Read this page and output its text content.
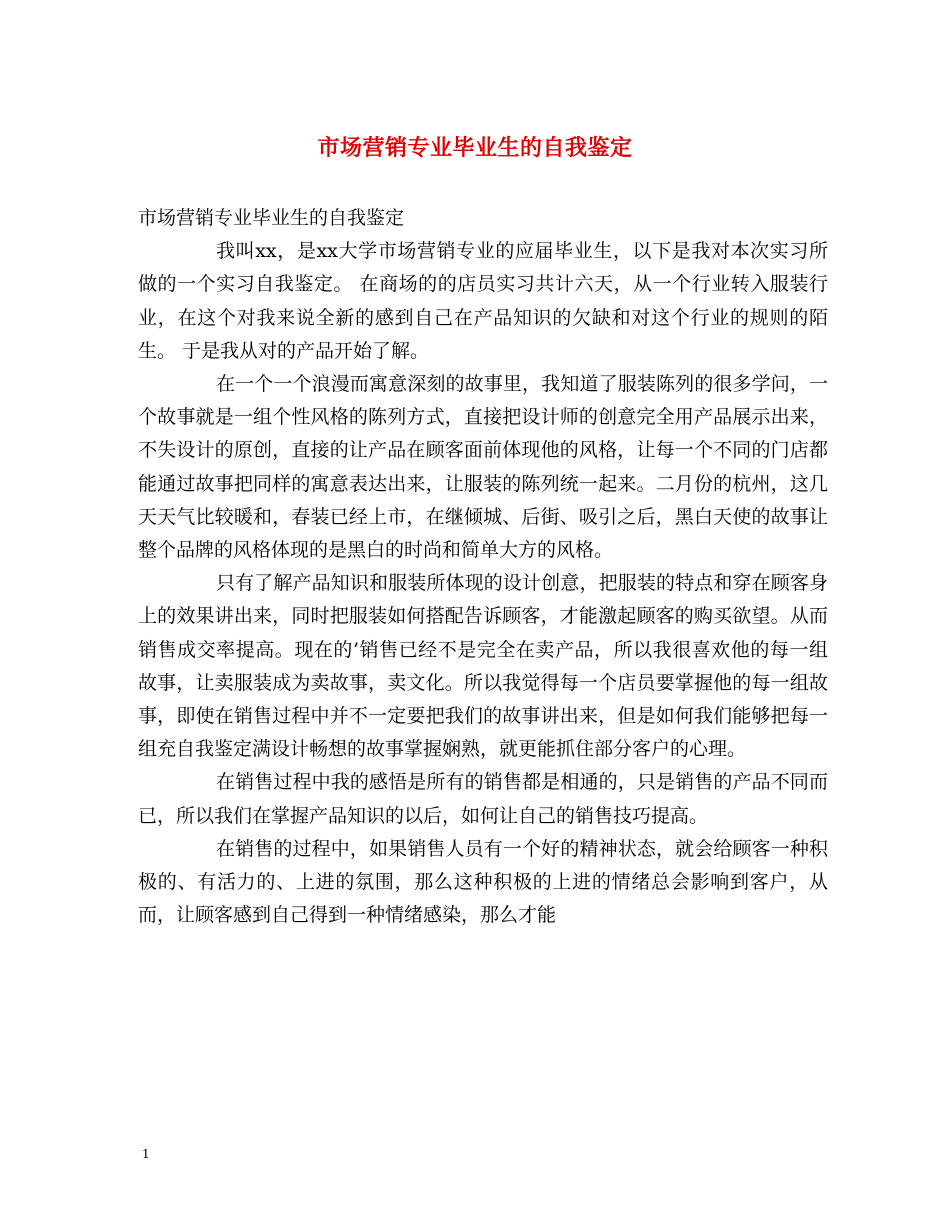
市场营销专业毕业生的自我鉴定

市场营销专业毕业生的自我鉴定

我叫xx，是xx大学市场营销专业的应届毕业生，以下是我对本次实习所做的一个实习自我鉴定。 在商场的的店员实习共计六天，从一个行业转入服装行业，在这个对我来说全新的感到自己在产品知识的欠缺和对这个行业的规则的陌生。 于是我从对的产品开始了解。

在一个一个浪漫而寓意深刻的故事里，我知道了服装陈列的很多学问，一个故事就是一组个性风格的陈列方式，直接把设计师的创意完全用产品展示出来，不失设计的原创，直接的让产品在顾客面前体现他的风格，让每一个不同的门店都能通过故事把同样的寓意表达出来，让服装的陈列统一起来。二月份的杭州，这几天天气比较暖和，春装已经上市，在继倾城、后街、吸引之后，黑白天使的故事让整个品牌的风格体现的是黑白的时尚和简单大方的风格。

只有了解产品知识和服装所体现的设计创意，把服装的特点和穿在顾客身上的效果讲出来，同时把服装如何搭配告诉顾客，才能激起顾客的购买欲望。从而销售成交率提高。现在的’销售已经不是完全在卖产品，所以我很喜欢他的每一组故事，让卖服装成为卖故事，卖文化。所以我觉得每一个店员要掌握他的每一组故事，即使在销售过程中并不一定要把我们的故事讲出来，但是如何我们能够把每一组充自我鉴定满设计畅想的故事掌握娴熟，就更能抓住部分客户的心理。

在销售过程中我的感悟是所有的销售都是相通的，只是销售的产品不同而已，所以我们在掌握产品知识的以后，如何让自己的销售技巧提高。

在销售的过程中，如果销售人员有一个好的精神状态，就会给顾客一种积极的、有活力的、上进的氛围，那么这种积极的上进的情绪总会影响到客户，从而，让顾客感到自己得到一种情绪感染，那么才能

1
